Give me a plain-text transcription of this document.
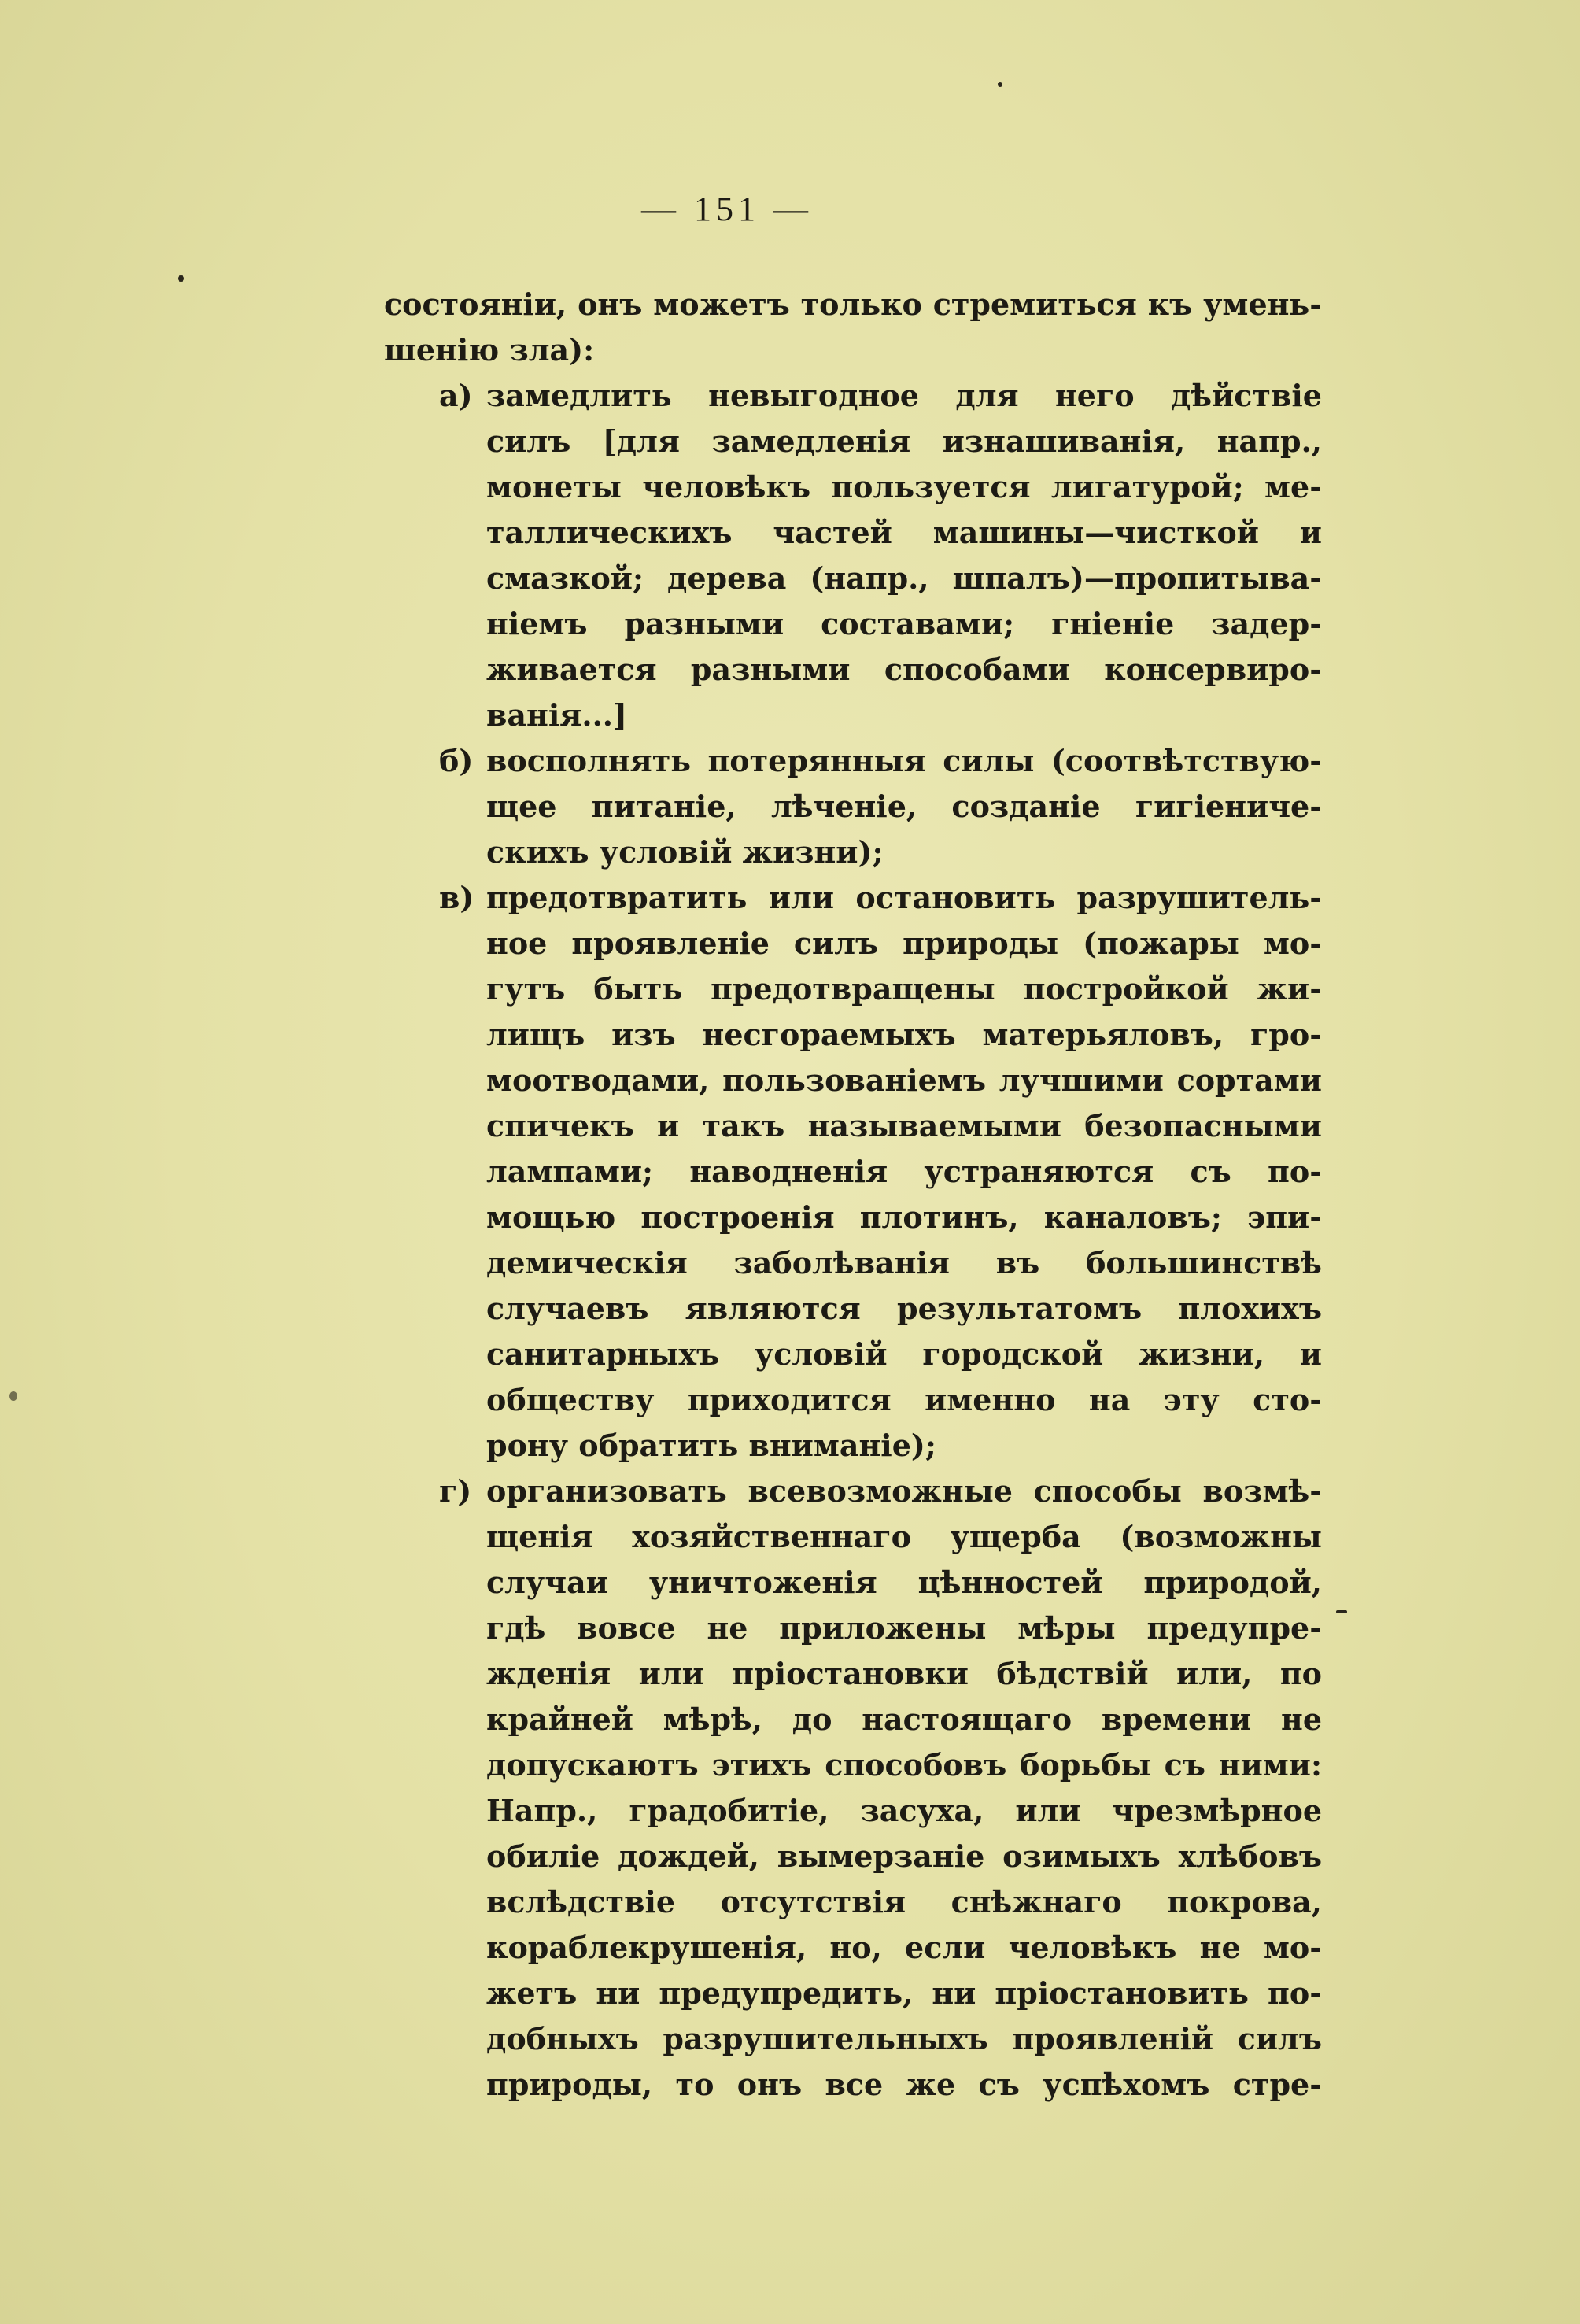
— 151 —

состоянiи, онъ можетъ только стремиться къ умень-
шенiю зла):

а) замедлить невыгодное для него дѣйствiе
силъ [для замедленiя изнашиванiя, напр.,
монеты человѣкъ пользуется лигатурой; ме-
таллическихъ частей машины—чисткой и
смазкой; дерева (напр., шпалъ)—пропитыва-
нiемъ разными составами; гнiенiе задер-
живается разными способами консервиро-
ванiя...]

б) восполнять потерянныя силы (соотвѣтствую-
щее питанiе, лѣченiе, созданiе гигiеничe-
скихъ условiй жизни);

в) предотвратить или остановить разрушитель-
ное проявленiе силъ природы (пожары мо-
гутъ быть предотвращены постройкой жи-
лищъ изъ несгораемыхъ матерьяловъ, гро-
моотводами, пользованiемъ лучшими сортами
спичекъ и такъ называемыми безопасными
лампами; наводненiя устраняются съ по-
мощью построенiя плотинъ, каналовъ; эпи-
демическiя заболѣванiя въ большинствѣ
случаевъ являются результатомъ плохихъ
санитарныхъ условiй городской жизни, и
обществу приходится именно на эту сто-
рону обратить вниманiе);

г) организовать всевозможные способы возмѣ-
щенiя хозяйственнаго ущерба (возможны
случаи уничтоженiя цѣнностей природой,
гдѣ вовсе не приложены мѣры предупре-
жденiя или прiостановки бѣдствiй или, по
крайней мѣрѣ, до настоящаго времени не
допускаютъ этихъ способовъ борьбы съ ними:
Напр., градобитiе, засуха, или чрезмѣрное
обилiе дождей, вымерзанiе озимыхъ хлѣбовъ
вслѣдствiе отсутствiя снѣжнаго покрова,
кораблекрушенiя, но, если человѣкъ не мо-
жетъ ни предупредить, ни прiостановить по-
добныхъ разрушительныхъ проявленiй силъ
природы, то онъ все же съ успѣхомъ стре-
